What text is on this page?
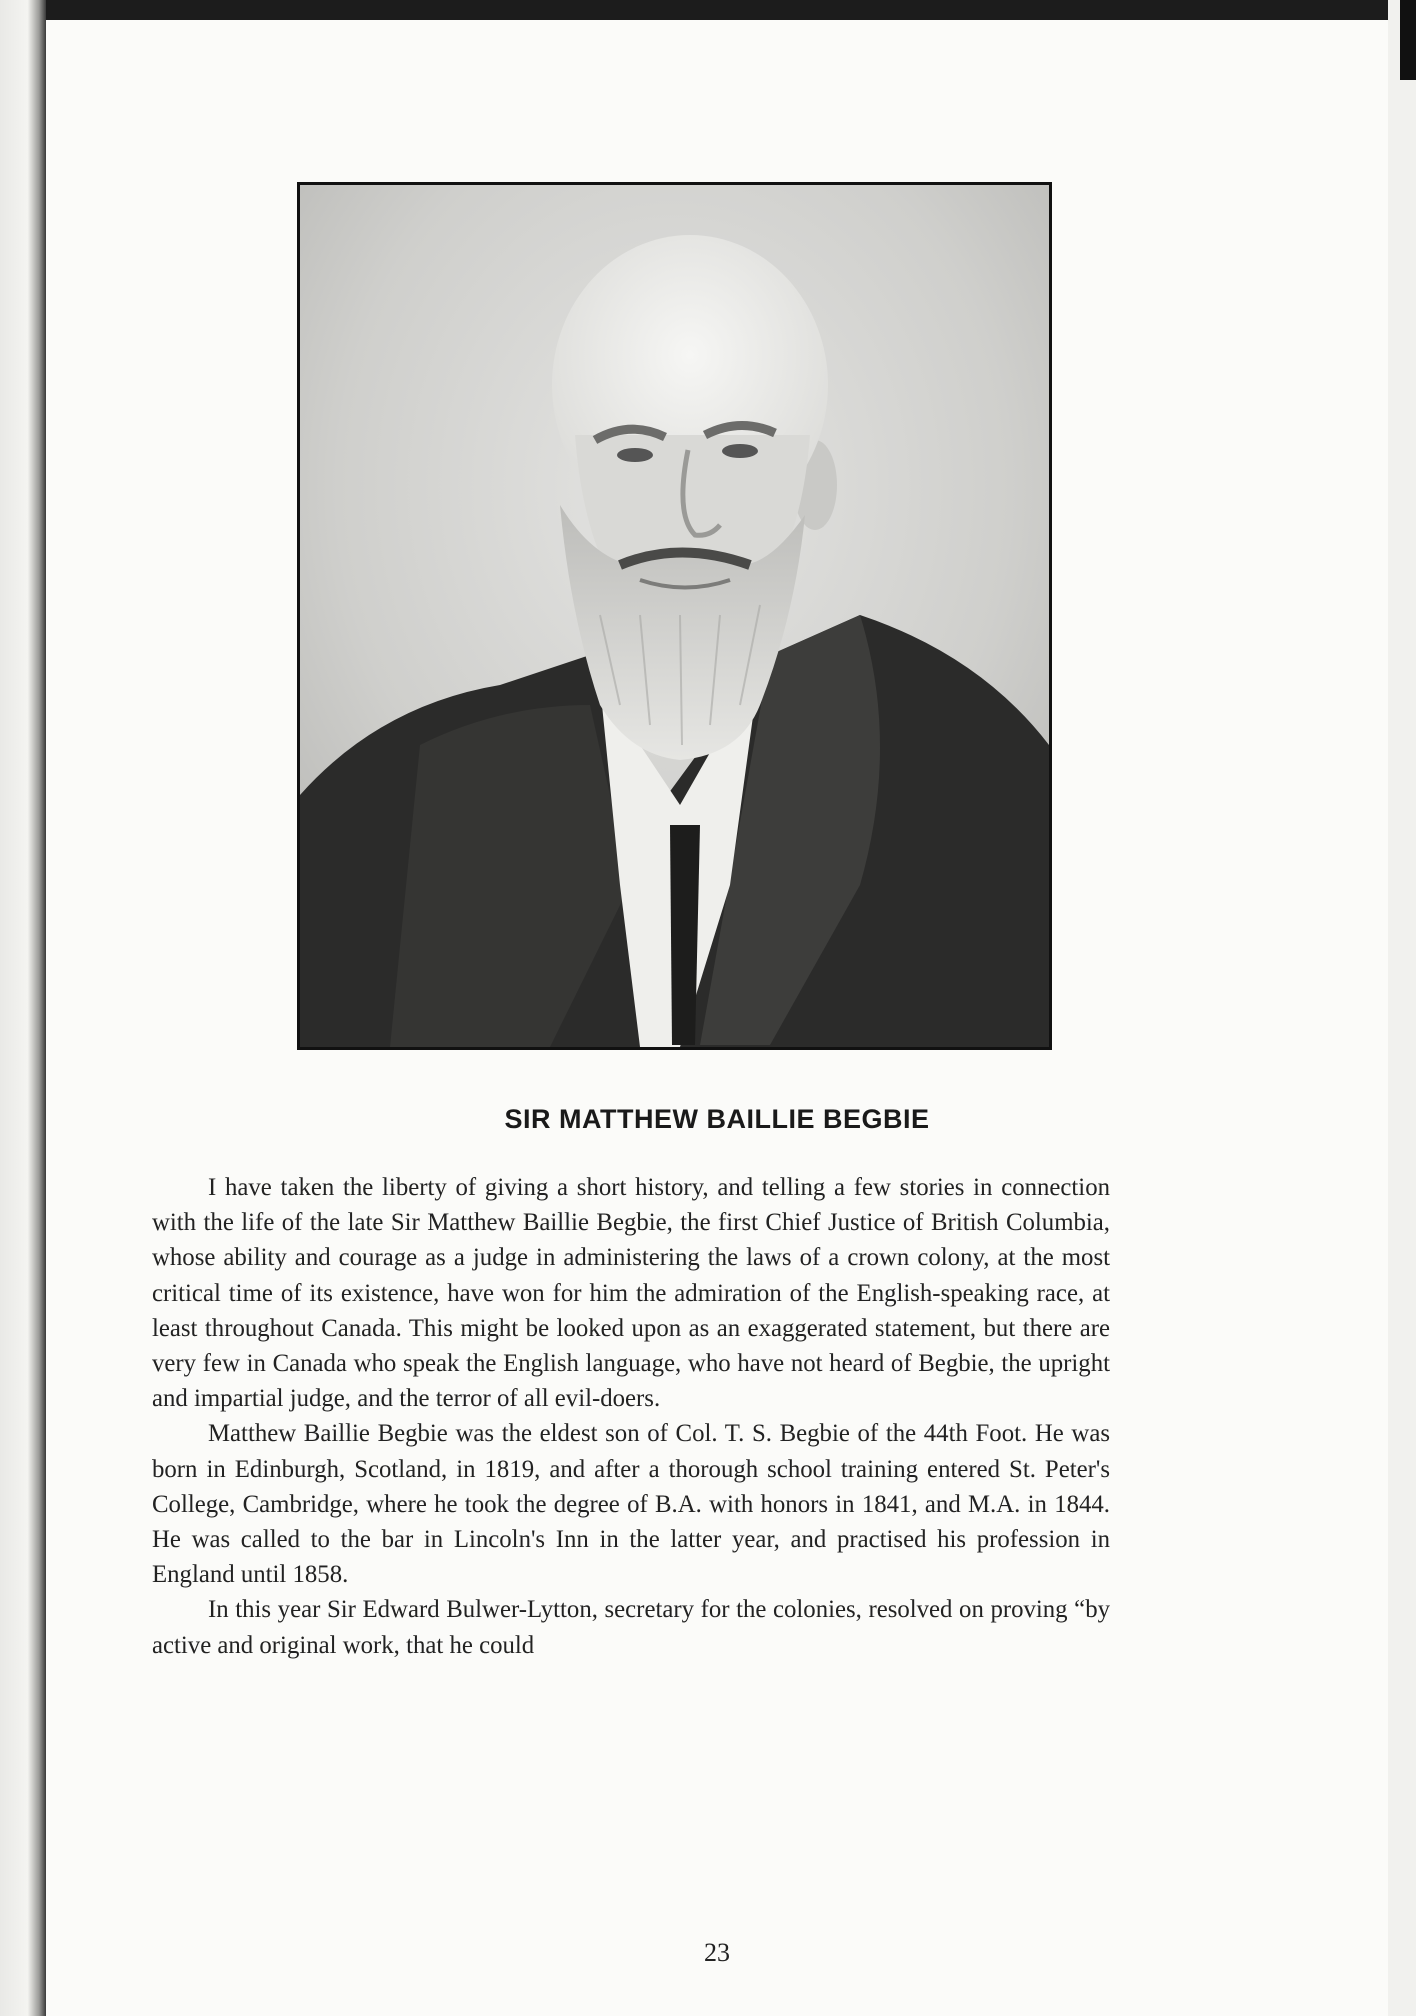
SIR MATTHEW BAILLIE BEGBIE

I have taken the liberty of giving a short history, and telling a few stories in connection with the life of the late Sir Matthew Baillie Begbie, the first Chief Justice of British Columbia, whose ability and courage as a judge in administering the laws of a crown colony, at the most critical time of its existence, have won for him the admiration of the English-speaking race, at least throughout Canada. This might be looked upon as an exaggerated statement, but there are very few in Canada who speak the English language, who have not heard of Begbie, the upright and impartial judge, and the terror of all evil-doers.

Matthew Baillie Begbie was the eldest son of Col. T. S. Begbie of the 44th Foot. He was born in Edinburgh, Scotland, in 1819, and after a thorough school training entered St. Peter's College, Cambridge, where he took the degree of B.A. with honors in 1841, and M.A. in 1844. He was called to the bar in Lincoln's Inn in the latter year, and practised his profession in England until 1858.

In this year Sir Edward Bulwer-Lytton, secretary for the colonies, resolved on proving “by active and original work, that he could

23
